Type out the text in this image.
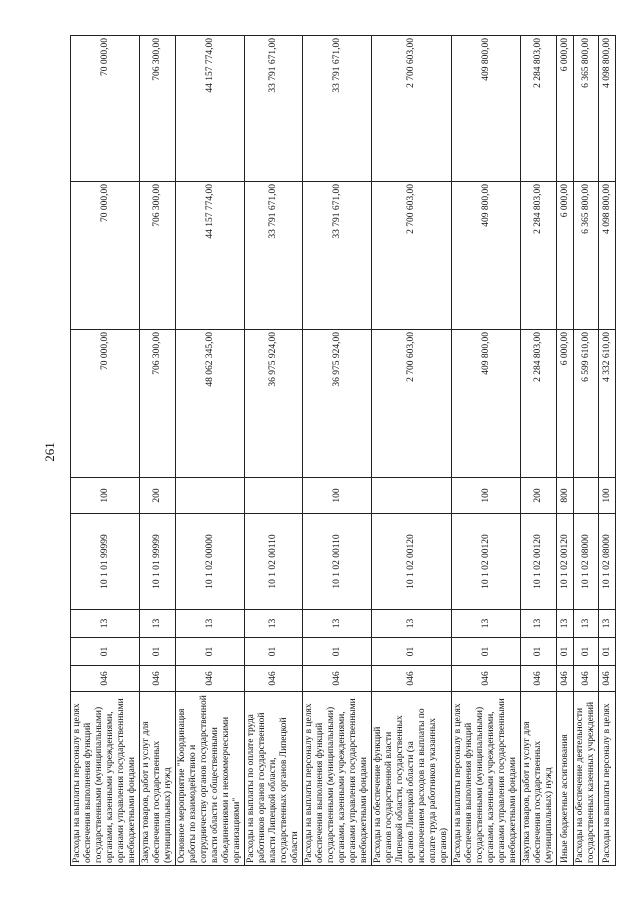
261
Расходы на выплаты персоналу в целях обеспечения выполнения функций государственными (муниципальными) органами, казенными учреждениями, органами управления государственными внебюджетными фондами	046	01	13	10 1 01 99999	100	70 000,00	70 000,00	70 000,00
Закупка товаров, работ и услуг для обеспечения государственных (муниципальных) нужд	046	01	13	10 1 01 99999	200	706 300,00	706 300,00	706 300,00
Основное мероприятие "Координация работы по взаимодействию и сотрудничеству органов государственной власти области с общественными объединениями и некоммерческими организациями"	046	01	13	10 1 02 00000		48 062 345,00	44 157 774,00	44 157 774,00
Расходы на выплаты по оплате труда работников органов государственной власти Липецкой области, государственных органов Липецкой области	046	01	13	10 1 02 00110		36 975 924,00	33 791 671,00	33 791 671,00
Расходы на выплаты персоналу в целях обеспечения выполнения функций государственными (муниципальными) органами, казенными учреждениями, органами управления государственными внебюджетными фондами	046	01	13	10 1 02 00110	100	36 975 924,00	33 791 671,00	33 791 671,00
Расходы на обеспечение функций органов государственной власти Липецкой области, государственных органов Липецкой области (за исключением расходов на выплаты по оплате труда работников указанных органов)	046	01	13	10 1 02 00120		2 700 603,00	2 700 603,00	2 700 603,00
Расходы на выплаты персоналу в целях обеспечения выполнения функций государственными (муниципальными) органами, казенными учреждениями, органами управления государственными внебюджетными фондами	046	01	13	10 1 02 00120	100	409 800,00	409 800,00	409 800,00
Закупка товаров, работ и услуг для обеспечения государственных (муниципальных) нужд	046	01	13	10 1 02 00120	200	2 284 803,00	2 284 803,00	2 284 803,00
Иные бюджетные ассигнования	046	01	13	10 1 02 00120	800	6 000,00	6 000,00	6 000,00
Расходы на обеспечение деятельности государственных казенных учреждений	046	01	13	10 1 02 08000		6 599 610,00	6 365 800,00	6 365 800,00
Расходы на выплаты персоналу в целях	046	01	13	10 1 02 08000	100	4 332 610,00	4 098 800,00	4 098 800,00
